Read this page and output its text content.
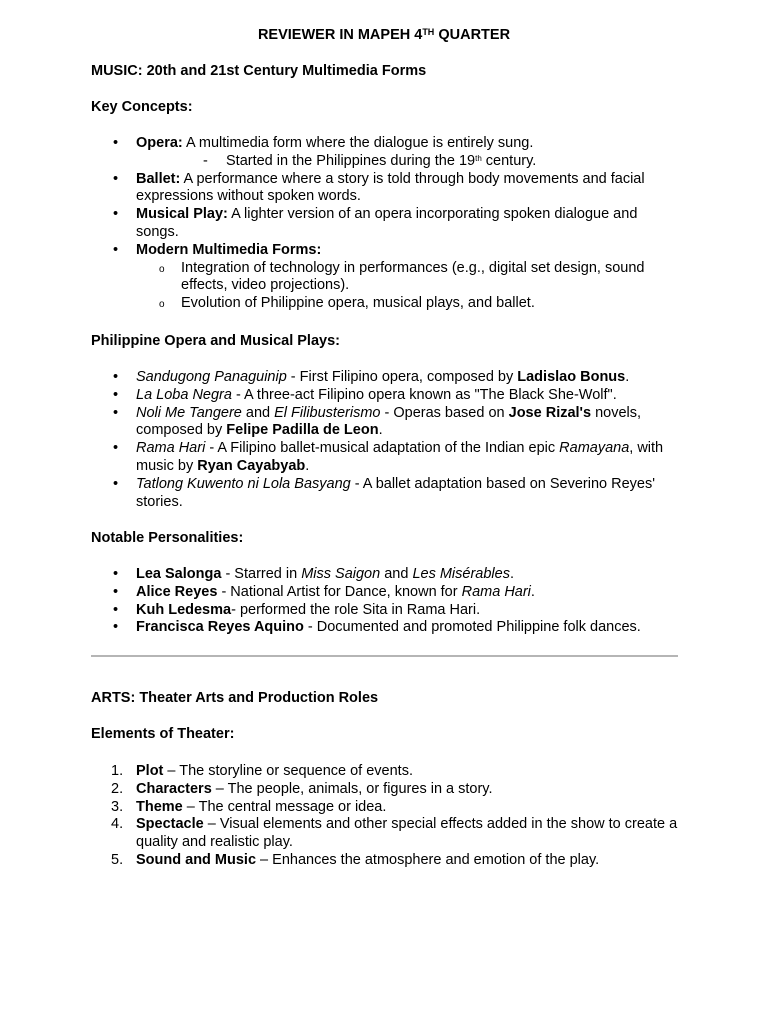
REVIEWER IN MAPEH 4TH QUARTER
MUSIC: 20th and 21st Century Multimedia Forms
Key Concepts:
• Opera: A multimedia form where the dialogue is entirely sung.
- Started in the Philippines during the 19th century.
• Ballet: A performance where a story is told through body movements and facial expressions without spoken words.
• Musical Play: A lighter version of an opera incorporating spoken dialogue and songs.
• Modern Multimedia Forms:
o Integration of technology in performances (e.g., digital set design, sound effects, video projections).
o Evolution of Philippine opera, musical plays, and ballet.
Philippine Opera and Musical Plays:
• Sandugong Panaguinip - First Filipino opera, composed by Ladislao Bonus.
• La Loba Negra - A three-act Filipino opera known as "The Black She-Wolf".
• Noli Me Tangere and El Filibusterismo - Operas based on Jose Rizal's novels, composed by Felipe Padilla de Leon.
• Rama Hari - A Filipino ballet-musical adaptation of the Indian epic Ramayana, with music by Ryan Cayabyab.
• Tatlong Kuwento ni Lola Basyang - A ballet adaptation based on Severino Reyes' stories.
Notable Personalities:
• Lea Salonga - Starred in Miss Saigon and Les Misérables.
• Alice Reyes - National Artist for Dance, known for Rama Hari.
• Kuh Ledesma- performed the role Sita in Rama Hari.
• Francisca Reyes Aquino - Documented and promoted Philippine folk dances.
ARTS: Theater Arts and Production Roles
Elements of Theater:
1. Plot – The storyline or sequence of events.
2. Characters – The people, animals, or figures in a story.
3. Theme – The central message or idea.
4. Spectacle – Visual elements and other special effects added in the show to create a quality and realistic play.
5. Sound and Music – Enhances the atmosphere and emotion of the play.
